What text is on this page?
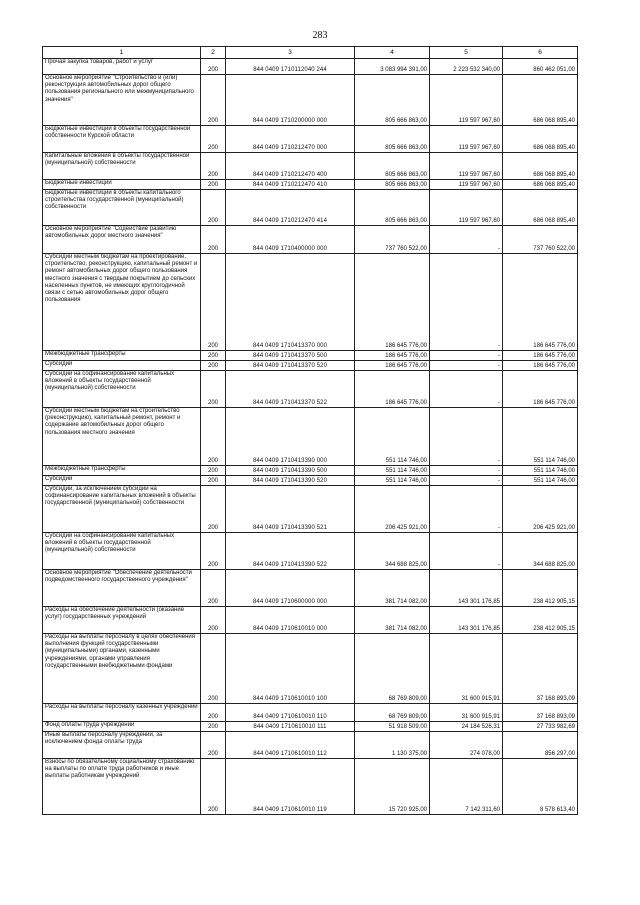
283
1	2	3	4	5	6
Прочая закупка товаров, работ и услуг	200	844 0409 1710112040 244	3 083 994 391,00	2 223 532 340,00	860 462 051,00
Основное мероприятие "Строительство и (или) реконструкция автомобильных дорог общего пользования регионального или межмуниципального значения"	200	844 0409 1710200000 000	805 666 863,00	119 597 967,60	686 068 895,40
Бюджетные инвестиции в объекты государственной собственности Курской области	200	844 0409 1710212470 000	805 666 863,00	119 597 967,60	686 068 895,40
Капитальные вложения в объекты государственной (муниципальной) собственности	200	844 0409 1710212470 400	805 666 863,00	119 597 967,60	686 068 895,40
Бюджетные инвестиции	200	844 0409 1710212470 410	805 666 863,00	119 597 967,60	686 068 895,40
Бюджетные инвестиции в объекты капитального строительства государственной (муниципальной) собственности	200	844 0409 1710212470 414	805 666 863,00	119 597 967,60	686 068 895,40
Основное мероприятие "Содействие развитию автомобильных дорог местного значения"	200	844 0409 1710400000 000	737 760 522,00	-	737 760 522,00
Субсидии местным бюджетам на проектирование, строительство, реконструкцию, капитальный ремонт и ремонт автомобильных дорог общего пользования местного значения с твердым покрытием до сельских населенных пунктов, не имеющих круглогодичной связи с сетью автомобильных дорог общего пользования	200	844 0409 1710413370 000	186 645 776,00	-	186 645 776,00
Межбюджетные трансферты	200	844 0409 1710413370 500	186 645 776,00	-	186 645 776,00
Субсидии	200	844 0409 1710413370 520	186 645 776,00	-	186 645 776,00
Субсидии на софинансирование капитальных вложений в объекты государственной (муниципальной) собственности	200	844 0409 1710413370 522	186 645 776,00	-	186 645 776,00
Субсидии местным бюджетам на строительство (реконструкцию), капитальный ремонт, ремонт и содержание автомобильных дорог общего пользования местного значения	200	844 0409 1710413390 000	551 114 746,00	-	551 114 746,00
Межбюджетные трансферты	200	844 0409 1710413390 500	551 114 746,00	-	551 114 746,00
Субсидии	200	844 0409 1710413390 520	551 114 746,00	-	551 114 746,00
Субсидии, за исключением субсидий на софинансирование капитальных вложений в объекты государственной (муниципальной) собственности	200	844 0409 1710413390 521	206 425 921,00	-	206 425 921,00
Субсидии на софинансирование капитальных вложений в объекты государственной (муниципальной) собственности	200	844 0409 1710413390 522	344 688 825,00	-	344 688 825,00
Основное мероприятие "Обеспечение деятельности подведомственного государственного учреждения"	200	844 0409 1710600000 000	381 714 082,00	143 301 176,85	238 412 905,15
Расходы на обеспечение деятельности (оказание услуг) государственных учреждений	200	844 0409 1710610010 000	381 714 082,00	143 301 176,85	238 412 905,15
Расходы на выплаты персоналу в целях обеспечения выполнения функций государственными (муниципальными) органами, казенными учреждениями, органами управления государственными внебюджетными фондами	200	844 0409 1710610010 100	68 769 809,00	31 600 915,91	37 168 893,09
Расходы на выплаты персоналу казенных учреждений	200	844 0409 1710610010 110	68 769 809,00	31 600 915,91	37 168 893,09
Фонд оплаты труда учреждений	200	844 0409 1710610010 111	51 918 509,00	24 184 526,31	27 733 982,69
Иные выплаты персоналу учреждений, за исключением фонда оплаты труда	200	844 0409 1710610010 112	1 130 375,00	274 078,00	856 297,00
Взносы по обязательному социальному страхованию на выплаты по оплате труда работников и иные выплаты работникам учреждений	200	844 0409 1710610010 119	15 720 925,00	7 142 311,60	8 578 613,40
